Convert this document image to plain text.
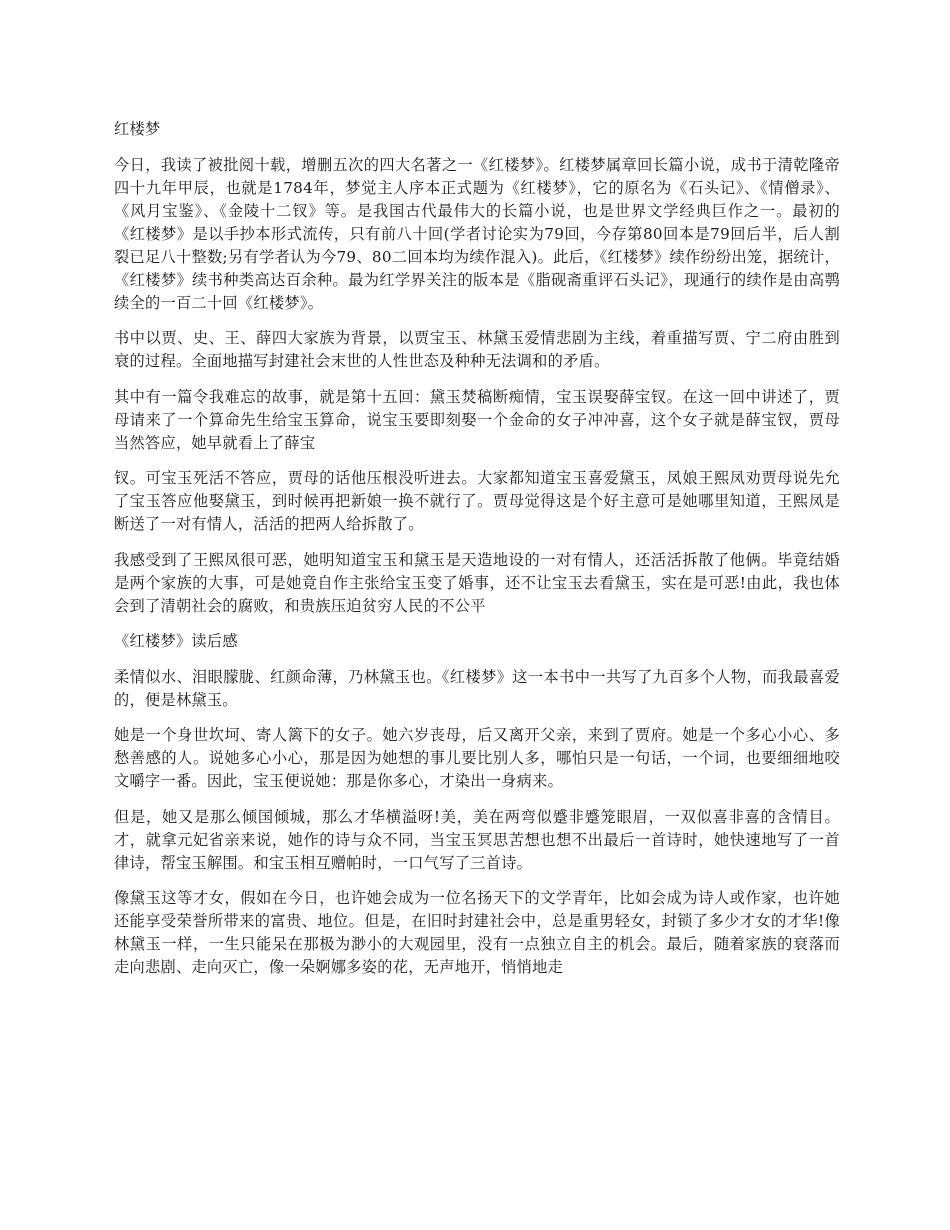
红楼梦

今日，我读了被批阅十载，增删五次的四大名著之一《红楼梦》。红楼梦属章回长篇小说，成书于清乾隆帝四十九年甲辰，也就是1784年，梦觉主人序本正式题为《红楼梦》，它的原名为《石头记》、《情僧录》、《风月宝鉴》、《金陵十二钗》等。是我国古代最伟大的长篇小说，也是世界文学经典巨作之一。最初的《红楼梦》是以手抄本形式流传，只有前八十回(学者讨论实为79回，今存第80回本是79回后半，后人割裂已足八十整数;另有学者认为今79、80二回本均为续作混入)。此后，《红楼梦》续作纷纷出笼，据统计，《红楼梦》续书种类高达百余种。最为红学界关注的版本是《脂砚斋重评石头记》，现通行的续作是由高鹗续全的一百二十回《红楼梦》。

书中以贾、史、王、薛四大家族为背景，以贾宝玉、林黛玉爱情悲剧为主线，着重描写贾、宁二府由胜到衰的过程。全面地描写封建社会末世的人性世态及种种无法调和的矛盾。

其中有一篇令我难忘的故事，就是第十五回：黛玉焚稿断痴情，宝玉误娶薛宝钗。在这一回中讲述了，贾母请来了一个算命先生给宝玉算命，说宝玉要即刻娶一个金命的女子冲冲喜，这个女子就是薛宝钗，贾母当然答应，她早就看上了薛宝

钗。可宝玉死活不答应，贾母的话他压根没听进去。大家都知道宝玉喜爱黛玉，凤娘王熙凤劝贾母说先允了宝玉答应他娶黛玉，到时候再把新娘一换不就行了。贾母觉得这是个好主意可是她哪里知道，王熙凤是断送了一对有情人，活活的把两人给拆散了。

我感受到了王熙凤很可恶，她明知道宝玉和黛玉是天造地设的一对有情人，还活活拆散了他俩。毕竟结婚是两个家族的大事，可是她竟自作主张给宝玉变了婚事，还不让宝玉去看黛玉，实在是可恶!由此，我也体会到了清朝社会的腐败，和贵族压迫贫穷人民的不公平

《红楼梦》读后感

柔情似水、泪眼朦胧、红颜命薄，乃林黛玉也。《红楼梦》这一本书中一共写了九百多个人物，而我最喜爱的，便是林黛玉。

她是一个身世坎坷、寄人篱下的女子。她六岁丧母，后又离开父亲，来到了贾府。她是一个多心小心、多愁善感的人。说她多心小心，那是因为她想的事儿要比别人多，哪怕只是一句话，一个词，也要细细地咬文嚼字一番。因此，宝玉便说她：那是你多心，才染出一身病来。

但是，她又是那么倾国倾城，那么才华横溢呀!美，美在两弯似蹙非蹙笼眼眉，一双似喜非喜的含情目。才，就拿元妃省亲来说，她作的诗与众不同，当宝玉冥思苦想也想不出最后一首诗时，她快速地写了一首律诗，帮宝玉解围。和宝玉相互赠帕时，一口气写了三首诗。

像黛玉这等才女，假如在今日，也许她会成为一位名扬天下的文学青年，比如会成为诗人或作家，也许她还能享受荣誉所带来的富贵、地位。但是，在旧时封建社会中，总是重男轻女，封锁了多少才女的才华!像林黛玉一样，一生只能呆在那极为渺小的大观园里，没有一点独立自主的机会。最后，随着家族的衰落而走向悲剧、走向灭亡，像一朵婀娜多姿的花，无声地开，悄悄地走
